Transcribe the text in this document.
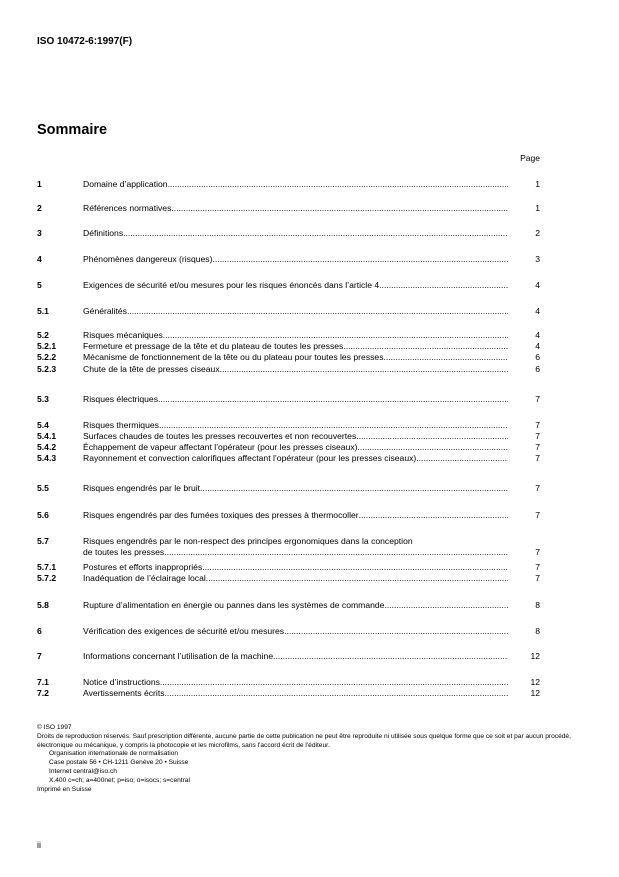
ISO 10472-6:1997(F)
Sommaire
Page
1	Domaine d’application .....	1
2	Références normatives .....	1
3	Définitions .....	2
4	Phénomènes dangereux (risques) .....	3
5	Exigences de sécurité et/ou mesures pour les risques énoncés dans l’article 4 .....	4
5.1	Généralités .....	4
5.2	Risques mécaniques .....	4
5.2.1	Fermeture et pressage de la tête et du plateau de toutes les presses .....	4
5.2.2	Mécanisme de fonctionnement de la tête ou du plateau pour toutes les presses .....	6
5.2.3	Chute de la tête de presses ciseaux .....	6
5.3	Risques électriques .....	7
5.4	Risques thermiques .....	7
5.4.1	Surfaces chaudes de toutes les presses recouvertes et non recouvertes .....	7
5.4.2	Échappement de vapeur affectant l’opérateur (pour les presses ciseaux) .....	7
5.4.3	Rayonnement et convection calorifiques affectant l’opérateur (pour les presses ciseaux) .....	7
5.5	Risques engendrés par le bruit .....	7
5.6	Risques engendrés par des fumées toxiques des presses à thermocoller .....	7
5.7	Risques engendrés par le non-respect des principes ergonomiques dans la conception
de toutes les presses .....	7
5.7.1	Postures et efforts inappropriés .....	7
5.7.2	Inadéquation de l’éclairage local .....	7
5.8	Rupture d’alimentation en énergie ou pannes dans les systèmes de commande .....	8
6	Vérification des exigences de sécurité et/ou mesures .....	8
7	Informations concernant l’utilisation de la machine .....	12
7.1	Notice d’instructions .....	12
7.2	Avertissements écrits .....	12
© ISO 1997
Droits de reproduction réservés. Sauf prescription différente, aucune partie de cette publication ne peut être reproduite ni utilisée sous quelque forme que ce soit et par aucun procédé, électronique ou mécanique, y compris la photocopie et les microfilms, sans l'accord écrit de l'éditeur.
Organisation internationale de normalisation
Case postale 56 • CH-1211 Genève 20 • Suisse
Internet central@iso.ch
X.400 c=ch; a=400net; p=iso; o=isocs; s=central
Imprimé en Suisse
ii
